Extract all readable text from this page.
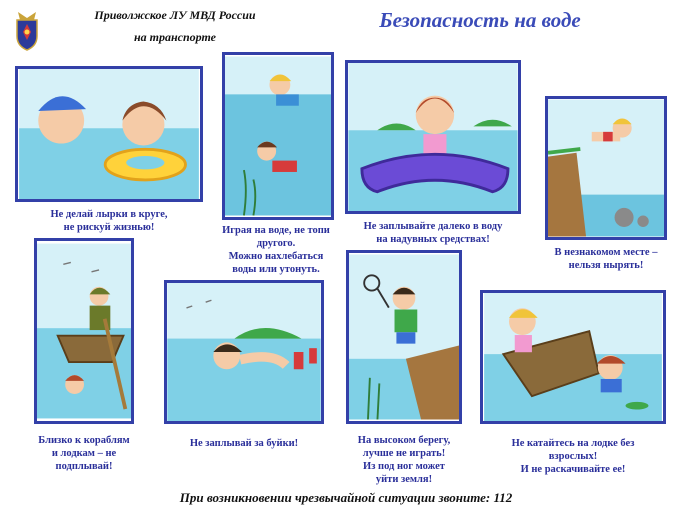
Приволжское ЛУ МВД России
на транспорте
Безопасность на воде
Не делай лырки в круге,
не рискуй жизнью!	Играя на воде, не топи
другого.
Можно нахлебаться
воды или утонуть.
Не заплывайте далеко в воду
на надувных средствах!
В незнакомом месте –
нельзя нырять!
Близко к кораблям
и лодкам – не
подплывай!
Не заплывай за буйки!	На высоком берегу,
лучше не играть!
Из под ног может
уйти земля!
Не катайтесь на лодке без
взрослых!
И не раскачивайте ее!
При возникновении чрезвычайной ситуации звоните: 112
